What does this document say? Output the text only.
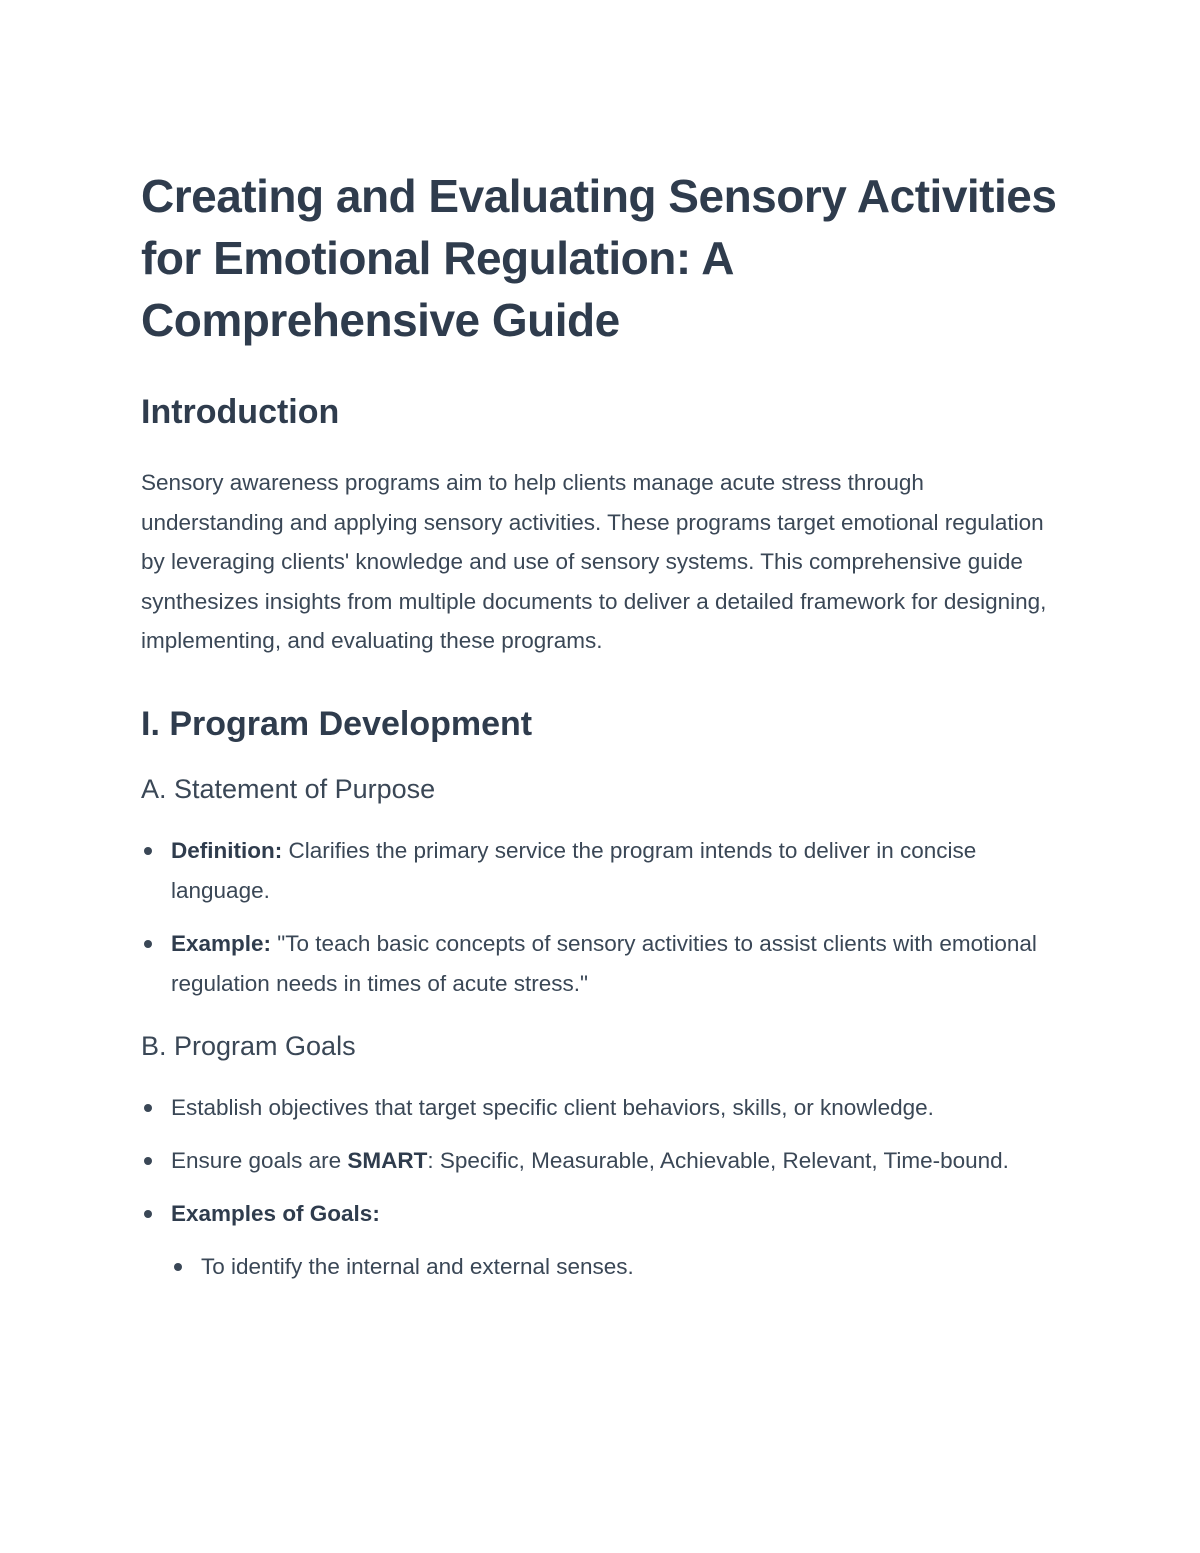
Creating and Evaluating Sensory Activities for Emotional Regulation: A Comprehensive Guide
Introduction

Sensory awareness programs aim to help clients manage acute stress through understanding and applying sensory activities. These programs target emotional regulation by leveraging clients' knowledge and use of sensory systems. This comprehensive guide synthesizes insights from multiple documents to deliver a detailed framework for designing, implementing, and evaluating these programs.

I. Program Development
A. Statement of Purpose
Definition: Clarifies the primary service the program intends to deliver in concise language.
Example: "To teach basic concepts of sensory activities to assist clients with emotional regulation needs in times of acute stress."
B. Program Goals
Establish objectives that target specific client behaviors, skills, or knowledge.
Ensure goals are SMART: Specific, Measurable, Achievable, Relevant, Time-bound.
Examples of Goals:
To identify the internal and external senses.
